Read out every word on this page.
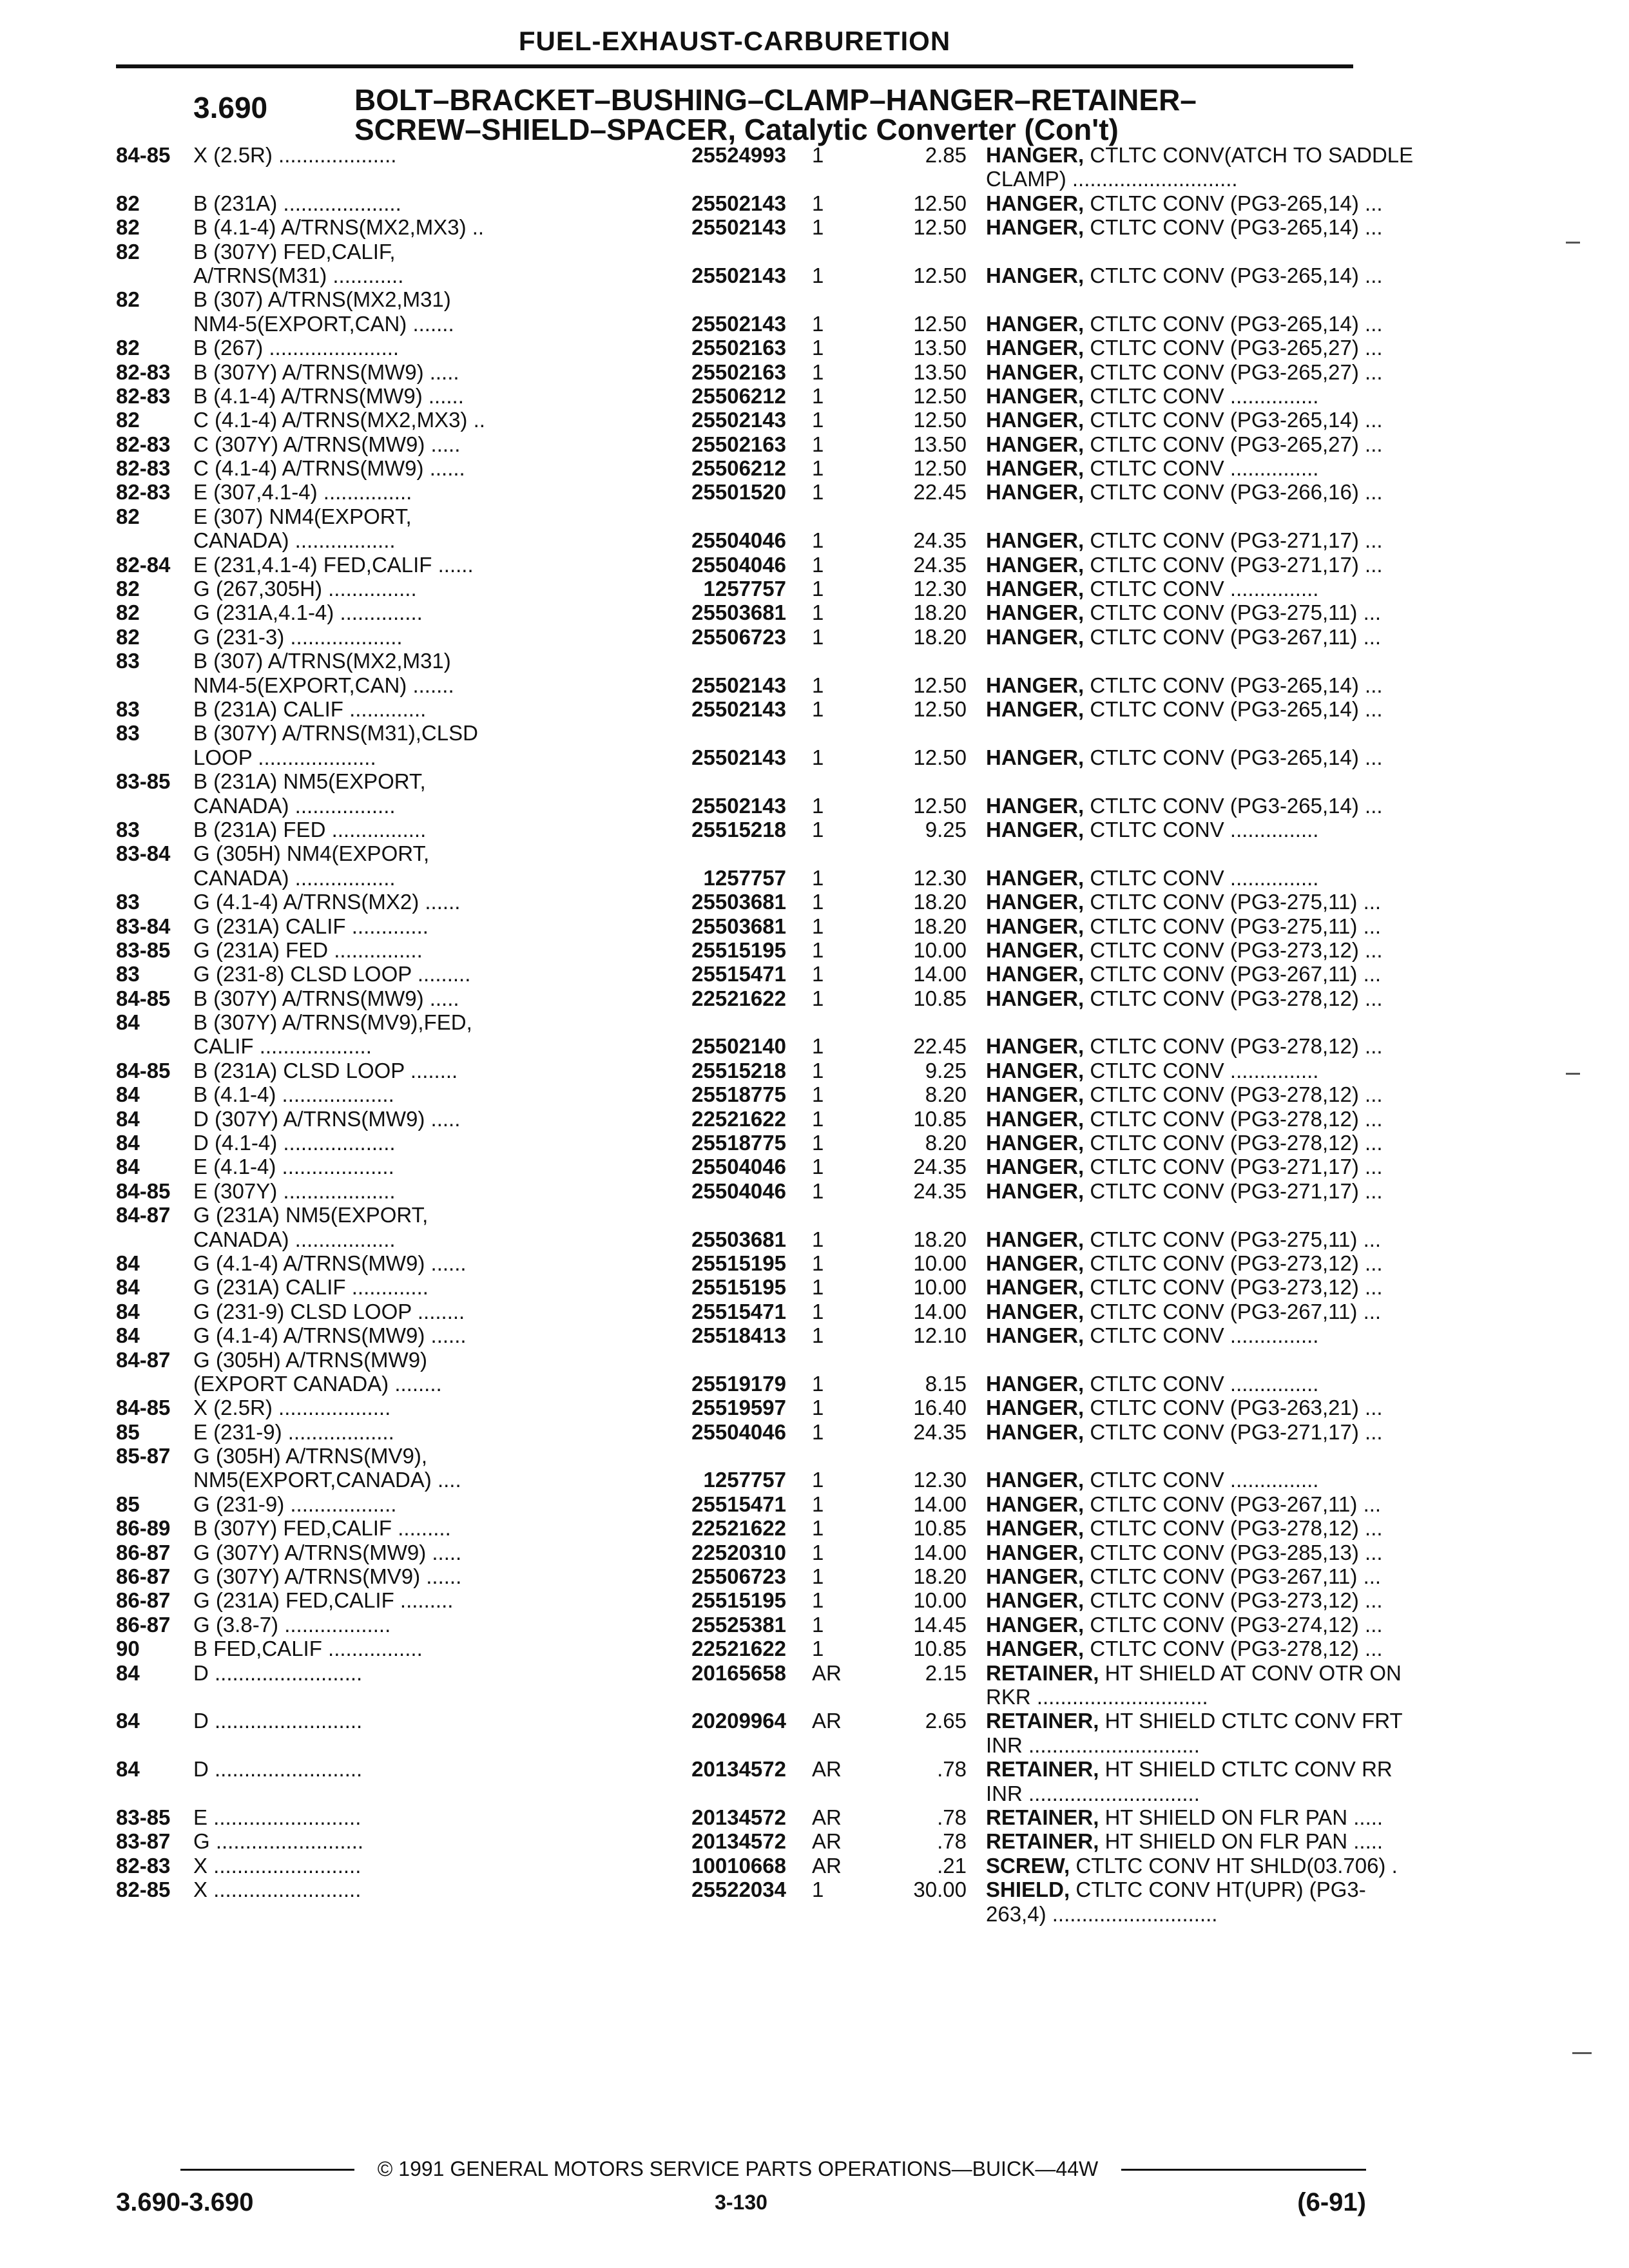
FUEL-EXHAUST-CARBURETION
3.690	BOLT–BRACKET–BUSHING–CLAMP–HANGER–RETAINER–
SCREW–SHIELD–SPACER, Catalytic Converter (Con't)
84-85	X (2.5R) ....................	25524993 1	2.85 HANGER, CTLTC CONV(ATCH TO SADDLE
CLAMP) ............................
82	B (231A) ....................	25502143 1	12.50 HANGER, CTLTC CONV (PG3-265,14) ...
82	B (4.1-4) A/TRNS(MX2,MX3) ..	25502143 1	12.50 HANGER, CTLTC CONV (PG3-265,14) ...
82	B (307Y) FED,CALIF,
A/TRNS(M31) ............	25502143 1	12.50 HANGER, CTLTC CONV (PG3-265,14) ...
82	B (307) A/TRNS(MX2,M31)
NM4-5(EXPORT,CAN) .......	25502143 1	12.50 HANGER, CTLTC CONV (PG3-265,14) ...
82	B (267) ......................	25502163 1	13.50 HANGER, CTLTC CONV (PG3-265,27) ...
82-83	B (307Y) A/TRNS(MW9) .....	25502163 1	13.50 HANGER, CTLTC CONV (PG3-265,27) ...
82-83	B (4.1-4) A/TRNS(MW9) ......	25506212 1	12.50 HANGER, CTLTC CONV ...............
82	C (4.1-4) A/TRNS(MX2,MX3) ..	25502143 1	12.50 HANGER, CTLTC CONV (PG3-265,14) ...
82-83	C (307Y) A/TRNS(MW9) .....	25502163 1	13.50 HANGER, CTLTC CONV (PG3-265,27) ...
82-83	C (4.1-4) A/TRNS(MW9) ......	25506212 1	12.50 HANGER, CTLTC CONV ...............
82-83	E (307,4.1-4) ...............	25501520 1	22.45 HANGER, CTLTC CONV (PG3-266,16) ...
82	E (307) NM4(EXPORT,
CANADA) .................	25504046 1	24.35 HANGER, CTLTC CONV (PG3-271,17) ...
82-84	E (231,4.1-4) FED,CALIF ......	25504046 1	24.35 HANGER, CTLTC CONV (PG3-271,17) ...
82	G (267,305H) ...............	1257757 1	12.30 HANGER, CTLTC CONV ...............
82	G (231A,4.1-4) ..............	25503681 1	18.20 HANGER, CTLTC CONV (PG3-275,11) ...
82	G (231-3) ...................	25506723 1	18.20 HANGER, CTLTC CONV (PG3-267,11) ...
83	B (307) A/TRNS(MX2,M31)
NM4-5(EXPORT,CAN) .......	25502143 1	12.50 HANGER, CTLTC CONV (PG3-265,14) ...
83	B (231A) CALIF .............	25502143 1	12.50 HANGER, CTLTC CONV (PG3-265,14) ...
83	B (307Y) A/TRNS(M31),CLSD
LOOP ....................	25502143 1	12.50 HANGER, CTLTC CONV (PG3-265,14) ...
83-85	B (231A) NM5(EXPORT,
CANADA) .................	25502143 1	12.50 HANGER, CTLTC CONV (PG3-265,14) ...
83	B (231A) FED ................	25515218 1	9.25 HANGER, CTLTC CONV ...............
83-84	G (305H) NM4(EXPORT,
CANADA) .................	1257757 1	12.30 HANGER, CTLTC CONV ...............
83	G (4.1-4) A/TRNS(MX2) ......	25503681 1	18.20 HANGER, CTLTC CONV (PG3-275,11) ...
83-84	G (231A) CALIF .............	25503681 1	18.20 HANGER, CTLTC CONV (PG3-275,11) ...
83-85	G (231A) FED ...............	25515195 1	10.00 HANGER, CTLTC CONV (PG3-273,12) ...
83	G (231-8) CLSD LOOP .........	25515471 1	14.00 HANGER, CTLTC CONV (PG3-267,11) ...
84-85	B (307Y) A/TRNS(MW9) .....	22521622 1	10.85 HANGER, CTLTC CONV (PG3-278,12) ...
84	B (307Y) A/TRNS(MV9),FED,
CALIF ...................	25502140 1	22.45 HANGER, CTLTC CONV (PG3-278,12) ...
84-85	B (231A) CLSD LOOP ........	25515218 1	9.25 HANGER, CTLTC CONV ...............
84	B (4.1-4) ...................	25518775 1	8.20 HANGER, CTLTC CONV (PG3-278,12) ...
84	D (307Y) A/TRNS(MW9) .....	22521622 1	10.85 HANGER, CTLTC CONV (PG3-278,12) ...
84	D (4.1-4) ...................	25518775 1	8.20 HANGER, CTLTC CONV (PG3-278,12) ...
84	E (4.1-4) ...................	25504046 1	24.35 HANGER, CTLTC CONV (PG3-271,17) ...
84-85	E (307Y) ...................	25504046 1	24.35 HANGER, CTLTC CONV (PG3-271,17) ...
84-87	G (231A) NM5(EXPORT,
CANADA) .................	25503681 1	18.20 HANGER, CTLTC CONV (PG3-275,11) ...
84	G (4.1-4) A/TRNS(MW9) ......	25515195 1	10.00 HANGER, CTLTC CONV (PG3-273,12) ...
84	G (231A) CALIF .............	25515195 1	10.00 HANGER, CTLTC CONV (PG3-273,12) ...
84	G (231-9) CLSD LOOP ........	25515471 1	14.00 HANGER, CTLTC CONV (PG3-267,11) ...
84	G (4.1-4) A/TRNS(MW9) ......	25518413 1	12.10 HANGER, CTLTC CONV ...............
84-87	G (305H) A/TRNS(MW9)
(EXPORT CANADA) ........	25519179 1	8.15 HANGER, CTLTC CONV ...............
84-85	X (2.5R) ...................	25519597 1	16.40 HANGER, CTLTC CONV (PG3-263,21) ...
85	E (231-9) ..................	25504046 1	24.35 HANGER, CTLTC CONV (PG3-271,17) ...
85-87	G (305H) A/TRNS(MV9),
NM5(EXPORT,CANADA) ....	1257757 1	12.30 HANGER, CTLTC CONV ...............
85	G (231-9) ..................	25515471 1	14.00 HANGER, CTLTC CONV (PG3-267,11) ...
86-89	B (307Y) FED,CALIF .........	22521622 1	10.85 HANGER, CTLTC CONV (PG3-278,12) ...
86-87	G (307Y) A/TRNS(MW9) .....	22520310 1	14.00 HANGER, CTLTC CONV (PG3-285,13) ...
86-87	G (307Y) A/TRNS(MV9) ......	25506723 1	18.20 HANGER, CTLTC CONV (PG3-267,11) ...
86-87	G (231A) FED,CALIF .........	25515195 1	10.00 HANGER, CTLTC CONV (PG3-273,12) ...
86-87	G (3.8-7) ..................	25525381 1	14.45 HANGER, CTLTC CONV (PG3-274,12) ...
90	B FED,CALIF ................	22521622 1	10.85 HANGER, CTLTC CONV (PG3-278,12) ...
84	D .........................	20165658 AR	2.15 RETAINER, HT SHIELD AT CONV OTR ON
RKR .............................
84	D .........................	20209964 AR	2.65 RETAINER, HT SHIELD CTLTC CONV FRT
INR .............................
84	D .........................	20134572 AR	.78 RETAINER, HT SHIELD CTLTC CONV RR
INR .............................
83-85	E .........................	20134572 AR	.78 RETAINER, HT SHIELD ON FLR PAN .....
83-87	G .........................	20134572 AR	.78 RETAINER, HT SHIELD ON FLR PAN .....
82-83	X .........................	10010668 AR	.21 SCREW, CTLTC CONV HT SHLD(03.706) .
82-85	X .........................	25522034 1	30.00 SHIELD, CTLTC CONV HT(UPR) (PG3-
263,4) ............................
© 1991 GENERAL MOTORS SERVICE PARTS OPERATIONS—BUICK—44W
3.690-3.690	3-130	(6-91)
